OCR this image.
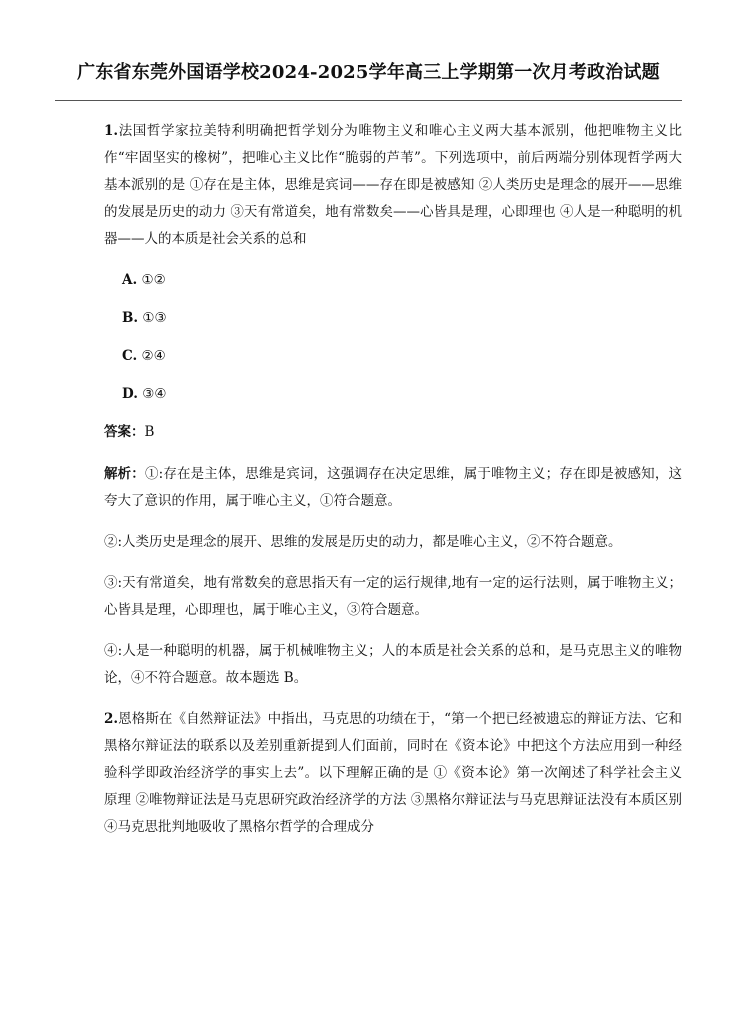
广东省东莞外国语学校2024-2025学年高三上学期第一次月考政治试题

1.法国哲学家拉美特利明确把哲学划分为唯物主义和唯心主义两大基本派别，他把唯物主义比作“牢固坚实的橡树”，把唯心主义比作“脆弱的芦苇”。下列选项中，前后两端分别体现哲学两大基本派别的是 ①存在是主体，思维是宾词——存在即是被感知 ②人类历史是理念的展开——思维的发展是历史的动力 ③天有常道矣，地有常数矣——心皆具是理，心即理也 ④人是一种聪明的机器——人的本质是社会关系的总和

A. ①②
B. ①③
C. ②④
D. ③④
答案：B

解析：①:存在是主体，思维是宾词，这强调存在决定思维，属于唯物主义；存在即是被感知，这夸大了意识的作用，属于唯心主义，①符合题意。

②:人类历史是理念的展开、思维的发展是历史的动力，都是唯心主义，②不符合题意。

③:天有常道矣，地有常数矣的意思指天有一定的运行规律,地有一定的运行法则，属于唯物主义；心皆具是理，心即理也，属于唯心主义，③符合题意。

④:人是一种聪明的机器，属于机械唯物主义；人的本质是社会关系的总和，是马克思主义的唯物论，④不符合题意。故本题选 B。

2.恩格斯在《自然辩证法》中指出，马克思的功绩在于，“第一个把已经被遗忘的辩证方法、它和黑格尔辩证法的联系以及差别重新提到人们面前，同时在《资本论》中把这个方法应用到一种经验科学即政治经济学的事实上去”。以下理解正确的是 ①《资本论》第一次阐述了科学社会主义原理 ②唯物辩证法是马克思研究政治经济学的方法 ③黑格尔辩证法与马克思辩证法没有本质区别 ④马克思批判地吸收了黑格尔哲学的合理成分
